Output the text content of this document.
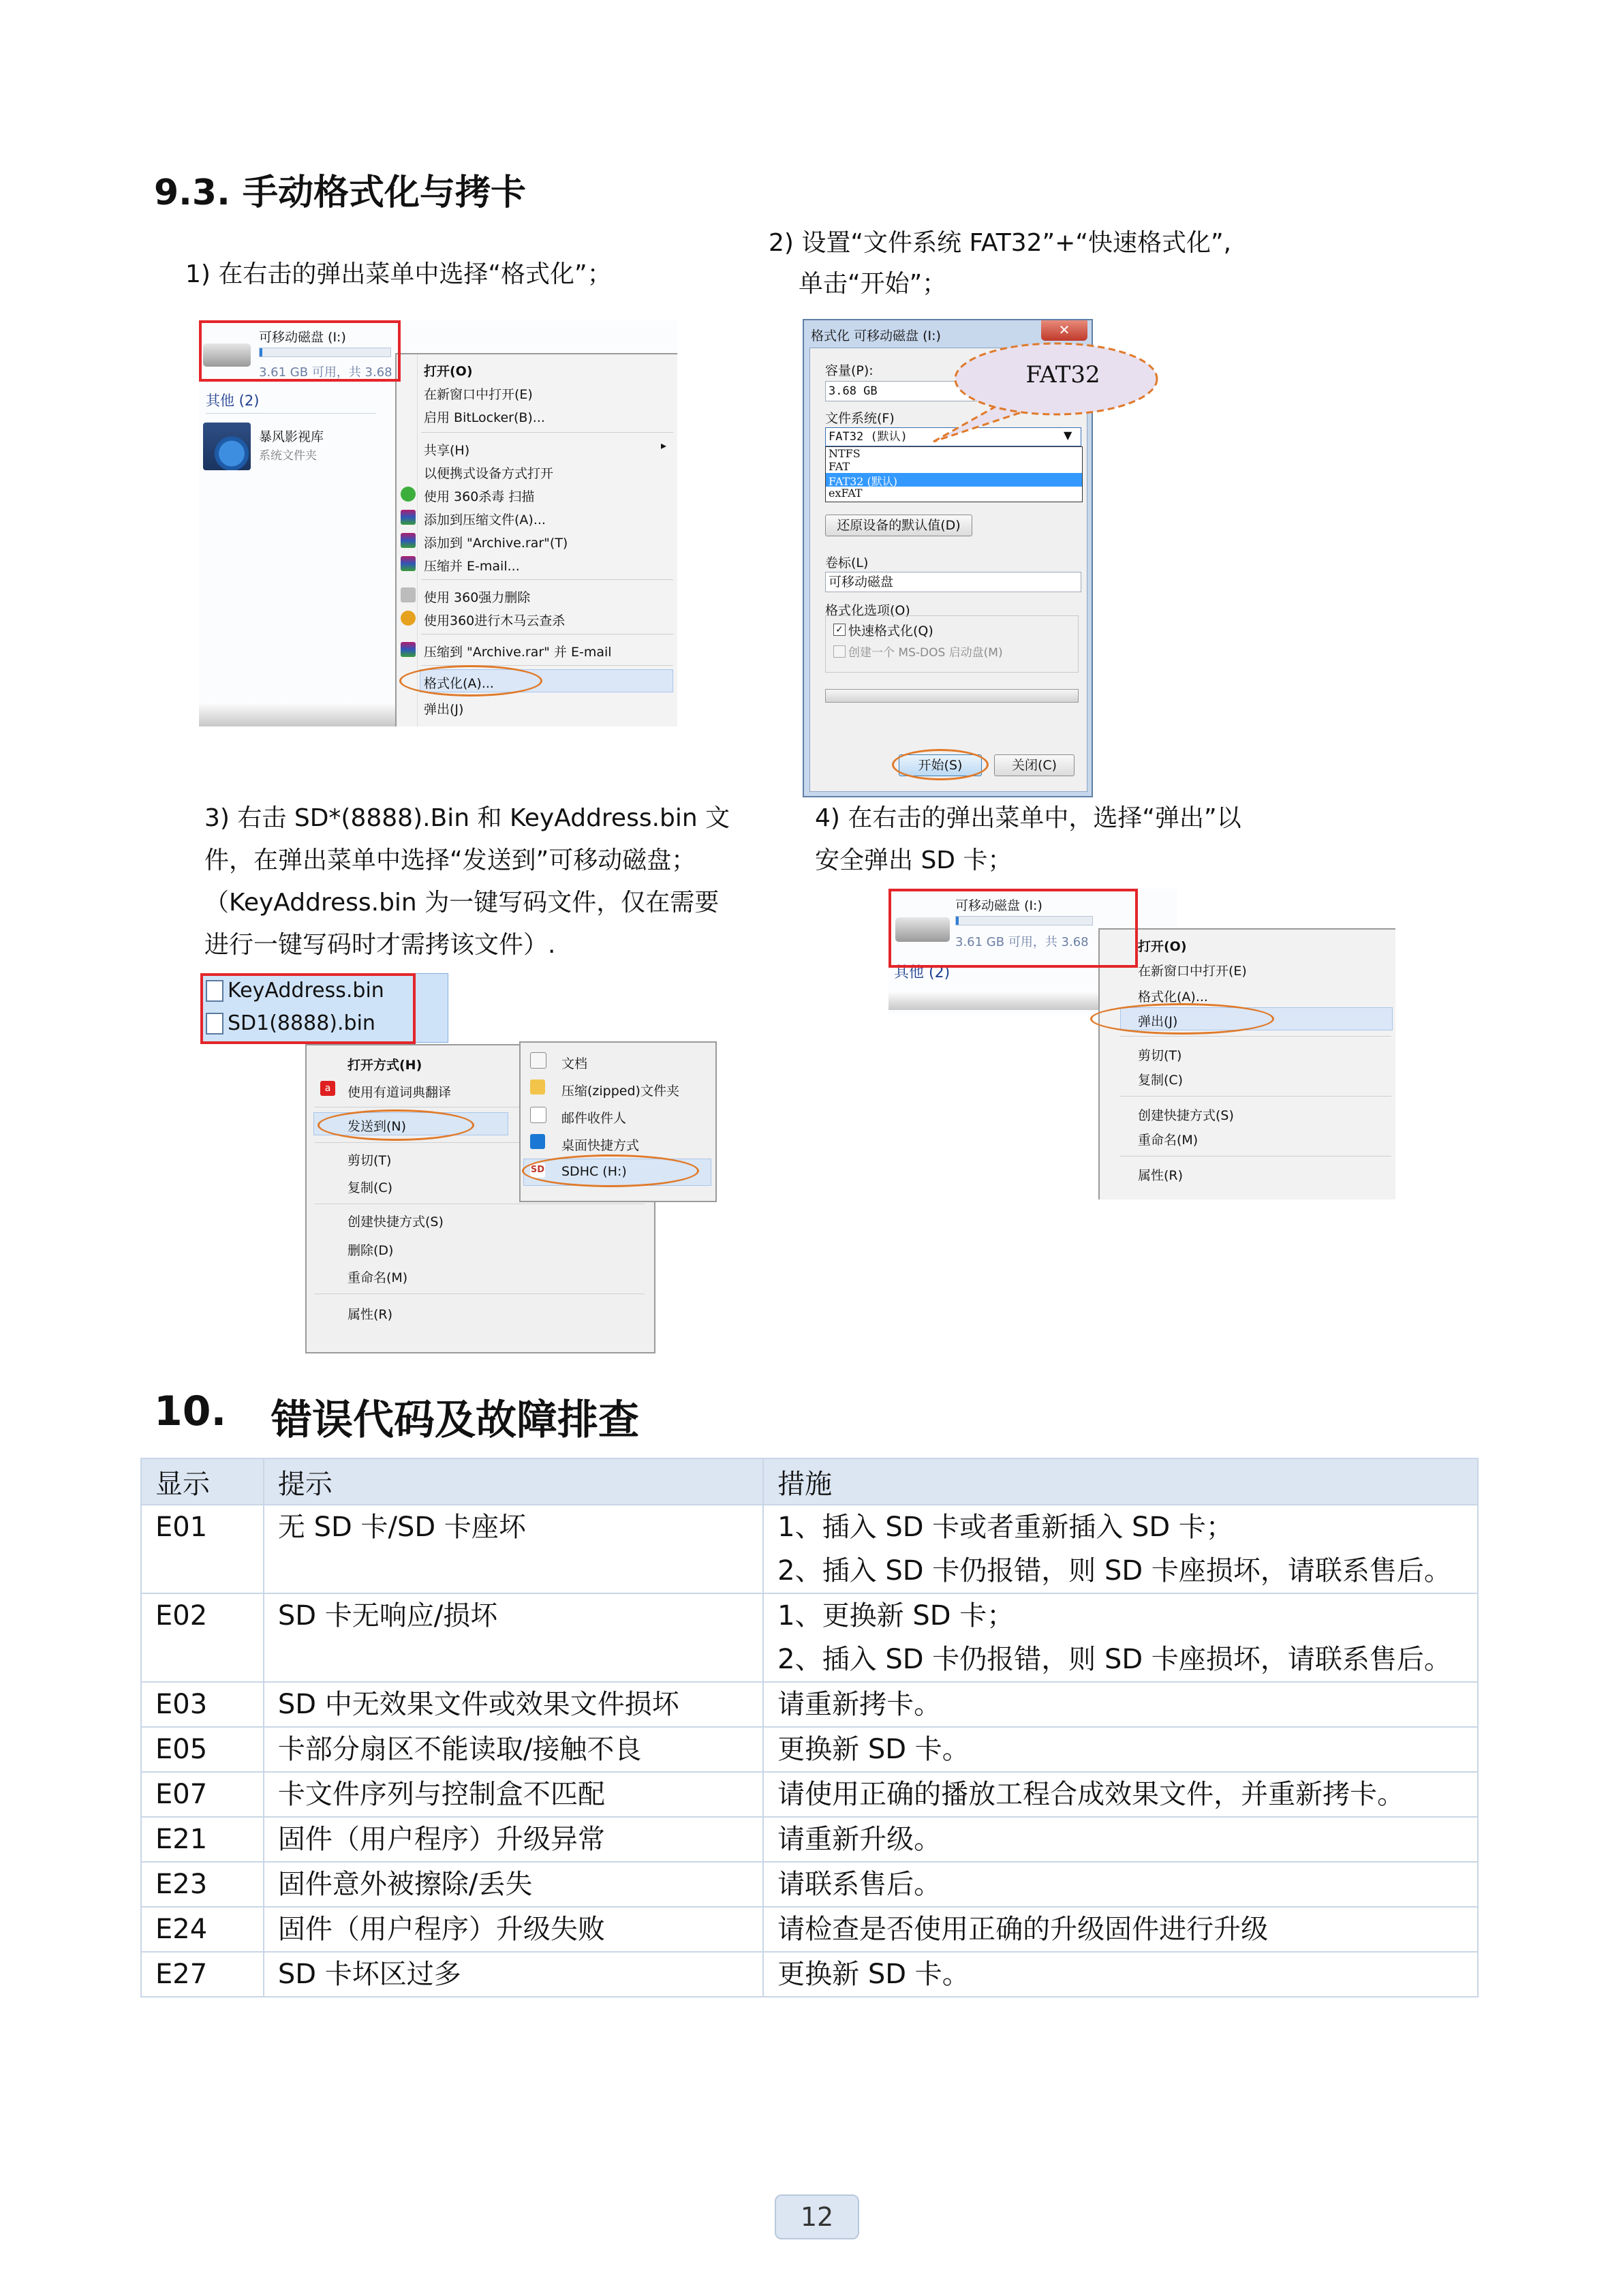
9.3. 手动格式化与拷卡
1) 在右击的弹出菜单中选择“格式化”；
2) 设置“文件系统 FAT32”+“快速格式化”,
单击“开始”；
可移动磁盘 (I:)
3.61 GB 可用，共 3.68
其他 (2)
暴风影视库
系统文件夹
打开(O)
在新窗口中打开(E)
启用 BitLocker(B)...
共享(H)	▸
以便携式设备方式打开
使用 360杀毒 扫描
添加到压缩文件(A)...
添加到 "Archive.rar"(T)
压缩并 E-mail...
使用 360强力删除
使用360进行木马云查杀
压缩到 "Archive.rar" 并 E-mail
格式化(A)...
弹出(J)
格式化 可移动磁盘 (I:)	✕
容量(P):
3.68 GB
文件系统(F)
FAT32 (默认)	▼
NTFS
FAT
FAT32 (默认)
exFAT
还原设备的默认值(D)
卷标(L)
可移动磁盘
格式化选项(O)
✓ 快速格式化(Q)
创建一个 MS-DOS 启动盘(M)
开始(S)	关闭(C)
FAT32
3) 右击 SD*(8888).Bin 和 KeyAddress.bin 文
件，在弹出菜单中选择“发送到”可移动磁盘；
（KeyAddress.bin 为一键写码文件，仅在需要
进行一键写码时才需拷该文件）.
4) 在右击的弹出菜单中，选择“弹出”以
安全弹出 SD 卡；
KeyAddress.bin
SD1(8888).bin
打开方式(H)
a	使用有道词典翻译
发送到(N)
剪切(T)
复制(C)
创建快捷方式(S)
删除(D)
重命名(M)
属性(R)
文档
压缩(zipped)文件夹
邮件收件人
桌面快捷方式
SD SDHC (H:)
可移动磁盘 (I:)
3.61 GB 可用，共 3.68
其他 (2)
打开(O)
在新窗口中打开(E)
格式化(A)...
弹出(J)
剪切(T)
复制(C)
创建快捷方式(S)
重命名(M)
属性(R)
10. 错误代码及故障排查
显示	提示	措施
E01	无 SD 卡/SD 卡座坏	1、插入 SD 卡或者重新插入 SD 卡；
2、插入 SD 卡仍报错，则 SD 卡座损坏，请联系售后。

E02	SD 卡无响应/损坏	1、更换新 SD 卡；
2、插入 SD 卡仍报错，则 SD 卡座损坏，请联系售后。

E03	SD 中无效果文件或效果文件损坏	请重新拷卡。
E05	卡部分扇区不能读取/接触不良	更换新 SD 卡。
E07	卡文件序列与控制盒不匹配	请使用正确的播放工程合成效果文件，并重新拷卡。
E21	固件（用户程序）升级异常	请重新升级。
E23	固件意外被擦除/丢失	请联系售后。
E24	固件（用户程序）升级失败	请检查是否使用正确的升级固件进行升级
E27	SD 卡坏区过多	更换新 SD 卡。
12
